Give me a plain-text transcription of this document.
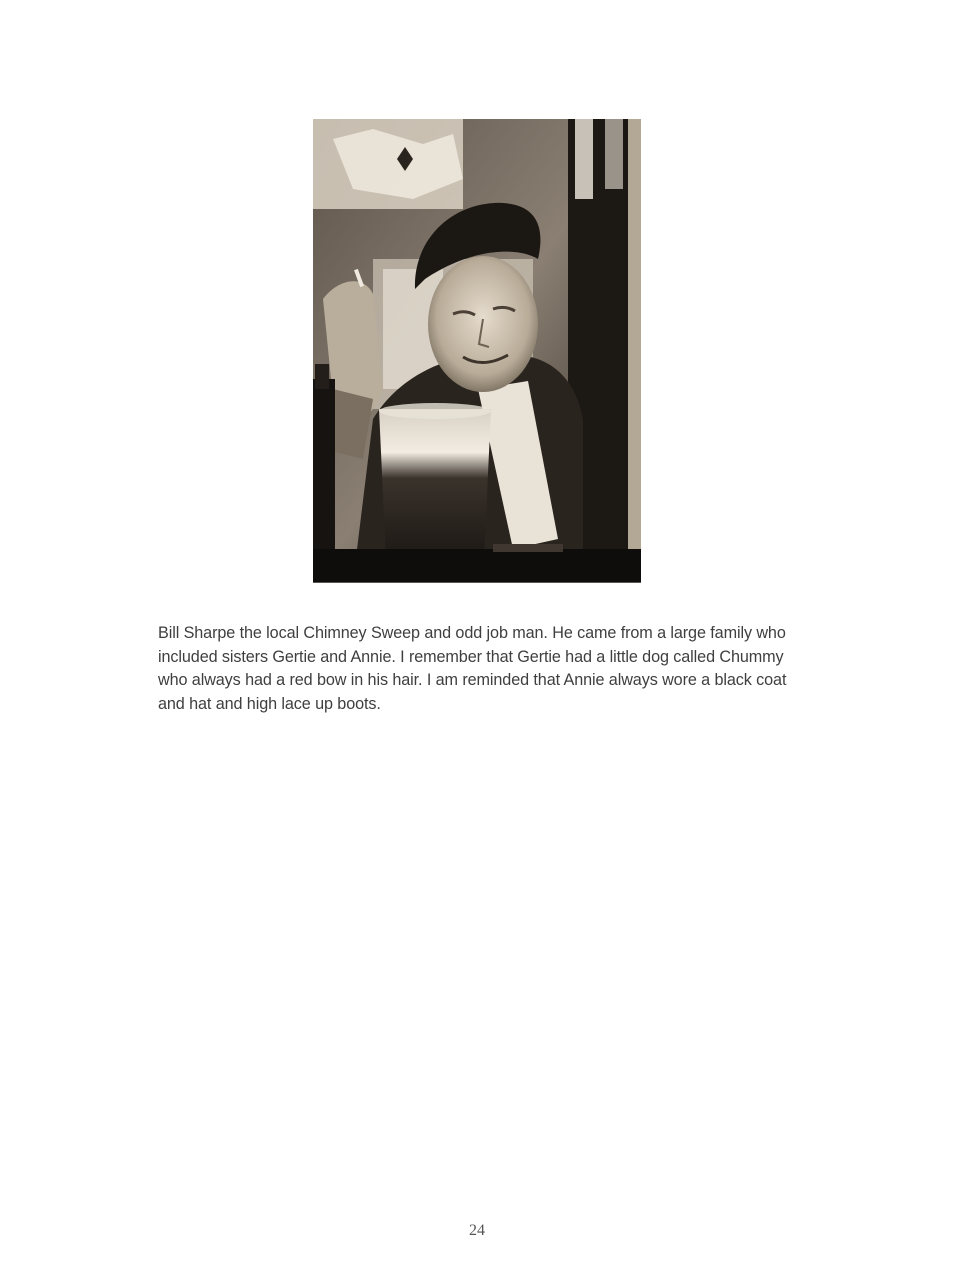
Bill Sharpe the local Chimney Sweep and odd job man. He came from a large family who included sisters Gertie and Annie. I remember that Gertie had a little dog called Chummy who always had a red bow in his hair. I am reminded that Annie always wore a black coat and hat and high lace up boots.

24
